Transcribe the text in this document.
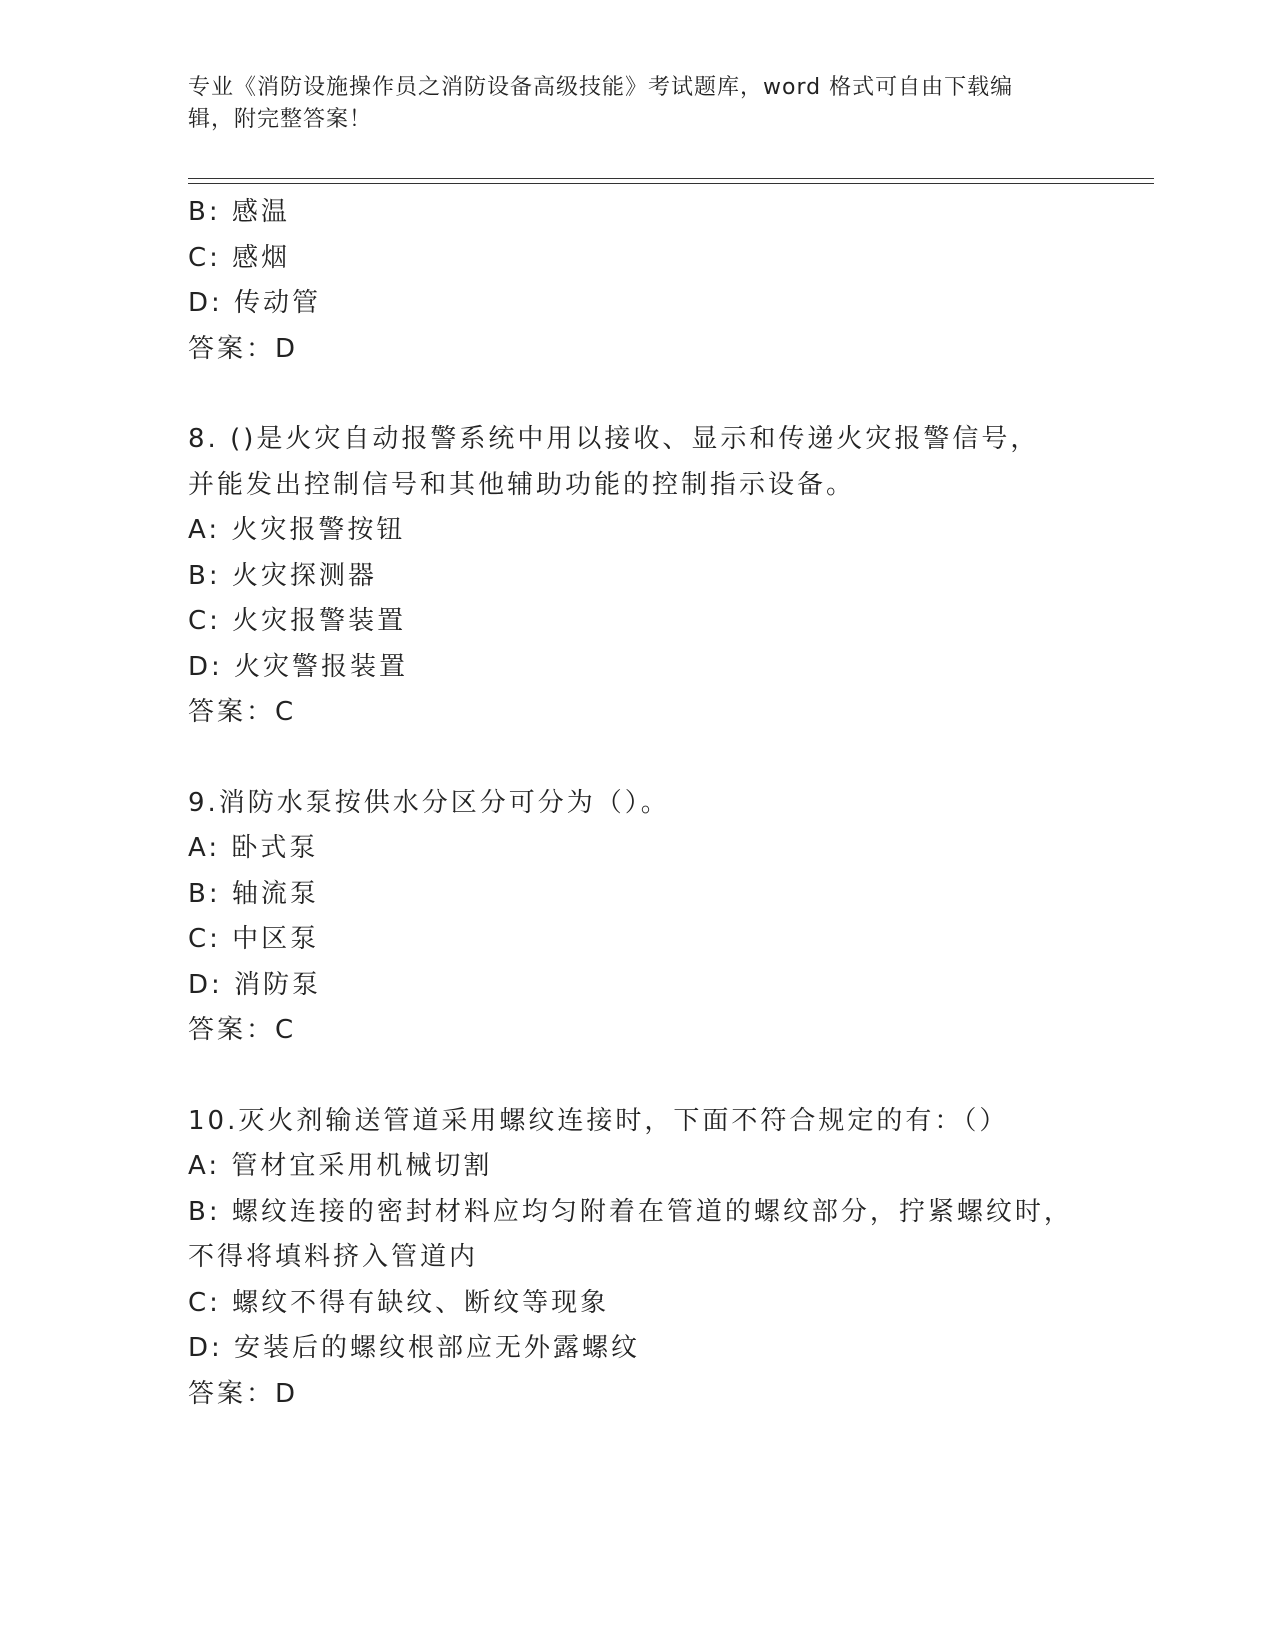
专业《消防设施操作员之消防设备高级技能》考试题库，word 格式可自由下载编
辑，附完整答案！
B: 感温
C: 感烟
D: 传动管
答案：D
8. ()是火灾自动报警系统中用以接收、显示和传递火灾报警信号，
并能发出控制信号和其他辅助功能的控制指示设备。
A: 火灾报警按钮
B: 火灾探测器
C: 火灾报警装置
D: 火灾警报装置
答案：C
9.消防水泵按供水分区分可分为（）。
A: 卧式泵
B: 轴流泵
C: 中区泵
D: 消防泵
答案：C
10.灭火剂输送管道采用螺纹连接时，下面不符合规定的有：（）
A: 管材宜采用机械切割
B: 螺纹连接的密封材料应均匀附着在管道的螺纹部分，拧紧螺纹时，
不得将填料挤入管道内
C: 螺纹不得有缺纹、断纹等现象
D: 安装后的螺纹根部应无外露螺纹
答案：D
